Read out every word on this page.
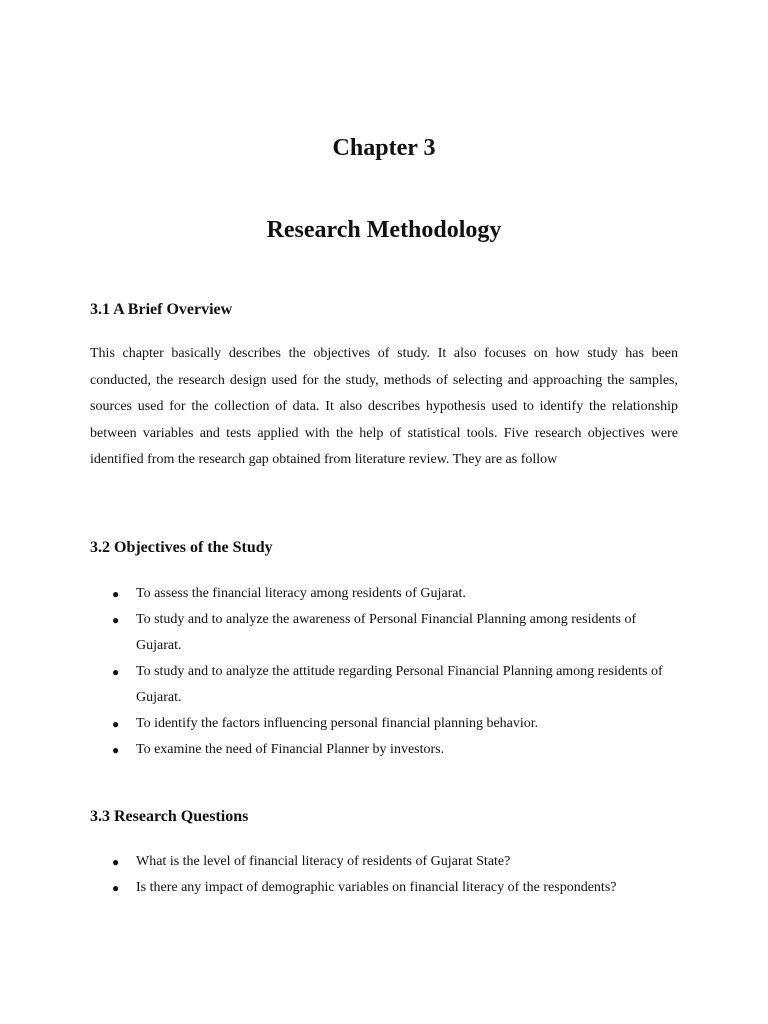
Chapter 3
Research Methodology
3.1 A Brief Overview

This chapter basically describes the objectives of study. It also focuses on how study has been conducted, the research design used for the study, methods of selecting and approaching the samples, sources used for the collection of data. It also describes hypothesis used to identify the relationship between variables and tests applied with the help of statistical tools. Five research objectives were identified from the research gap obtained from literature review. They are as follow

3.2 Objectives of the Study
● To assess the financial literacy among residents of Gujarat.
● To study and to analyze the awareness of Personal Financial Planning among residents of Gujarat.
● To study and to analyze the attitude regarding Personal Financial Planning among residents of Gujarat.
● To identify the factors influencing personal financial planning behavior.
● To examine the need of Financial Planner by investors.
3.3 Research Questions
● What is the level of financial literacy of residents of Gujarat State?
● Is there any impact of demographic variables on financial literacy of the respondents?
